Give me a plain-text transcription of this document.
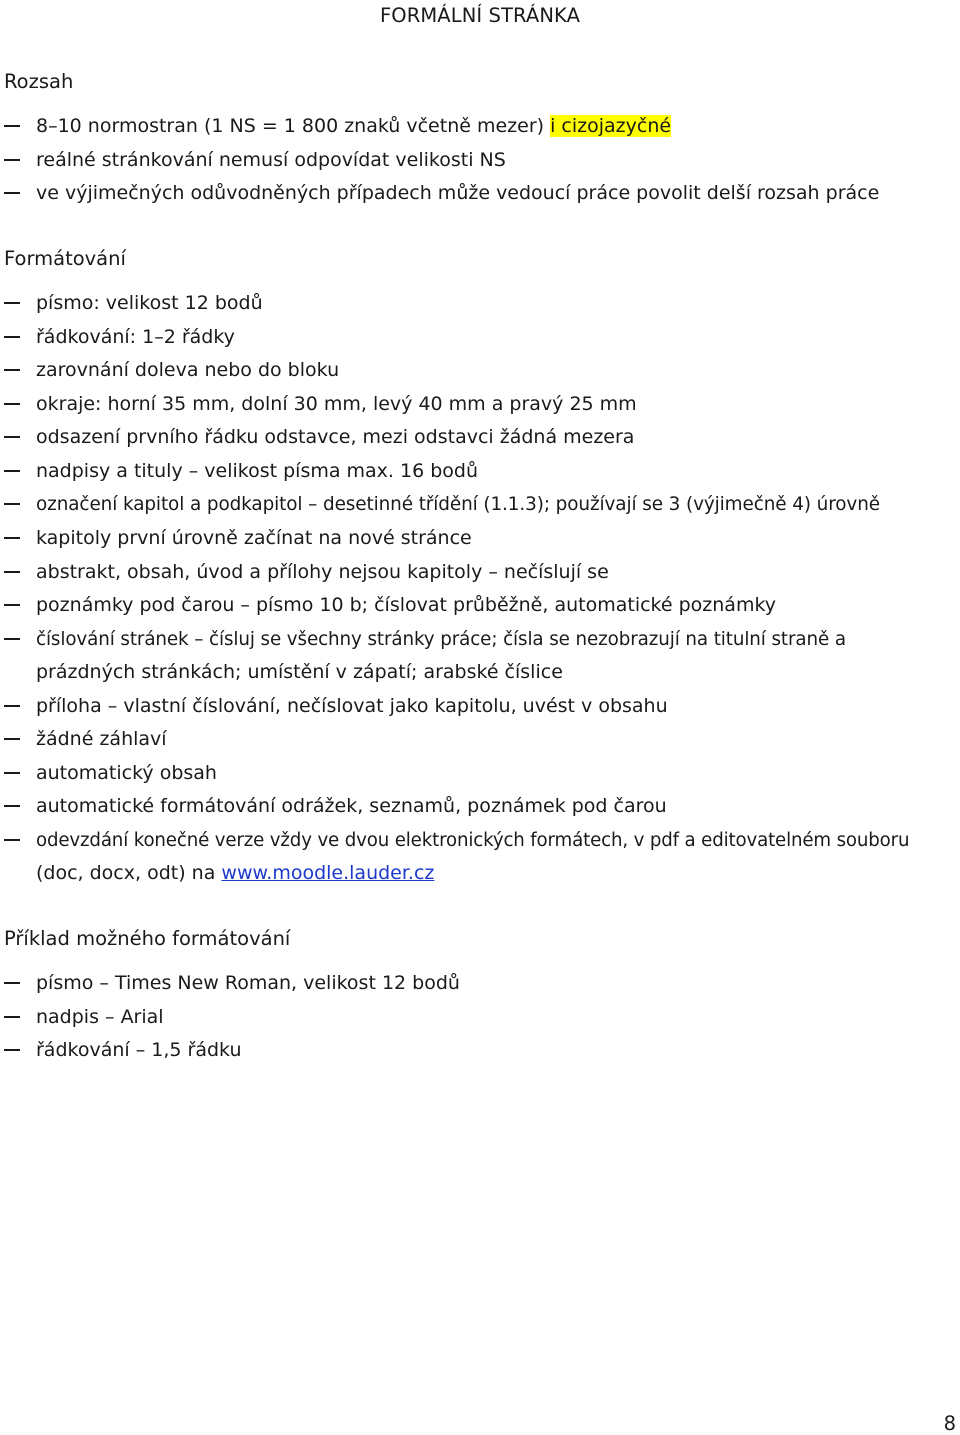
FORMÁLNÍ STRÁNKA
Rozsah
8–10 normostran (1 NS = 1 800 znaků včetně mezer) i cizojazyčné
reálné stránkování nemusí odpovídat velikosti NS
ve výjimečných odůvodněných případech může vedoucí práce povolit delší rozsah práce
Formátování
písmo: velikost 12 bodů
řádkování: 1–2 řádky
zarovnání doleva nebo do bloku
okraje: horní 35 mm, dolní 30 mm, levý 40 mm a pravý 25 mm
odsazení prvního řádku odstavce, mezi odstavci žádná mezera
nadpisy a tituly – velikost písma max. 16 bodů
označení kapitol a podkapitol – desetinné třídění (1.1.3); používají se 3 (výjimečně 4) úrovně
kapitoly první úrovně začínat na nové stránce
abstrakt, obsah, úvod a přílohy nejsou kapitoly – nečíslují se
poznámky pod čarou – písmo 10 b; číslovat průběžně, automatické poznámky
číslování stránek – čísluj se všechny stránky práce; čísla se nezobrazují na titulní straně a
prázdných stránkách; umístění v zápatí; arabské číslice
příloha – vlastní číslování, nečíslovat jako kapitolu, uvést v obsahu
žádné záhlaví
automatický obsah
automatické formátování odrážek, seznamů, poznámek pod čarou
odevzdání konečné verze vždy ve dvou elektronických formátech, v pdf a editovatelném souboru
(doc, docx, odt) na www.moodle.lauder.cz
Příklad možného formátování
písmo – Times New Roman, velikost 12 bodů
nadpis – Arial
řádkování – 1,5 řádku
8
